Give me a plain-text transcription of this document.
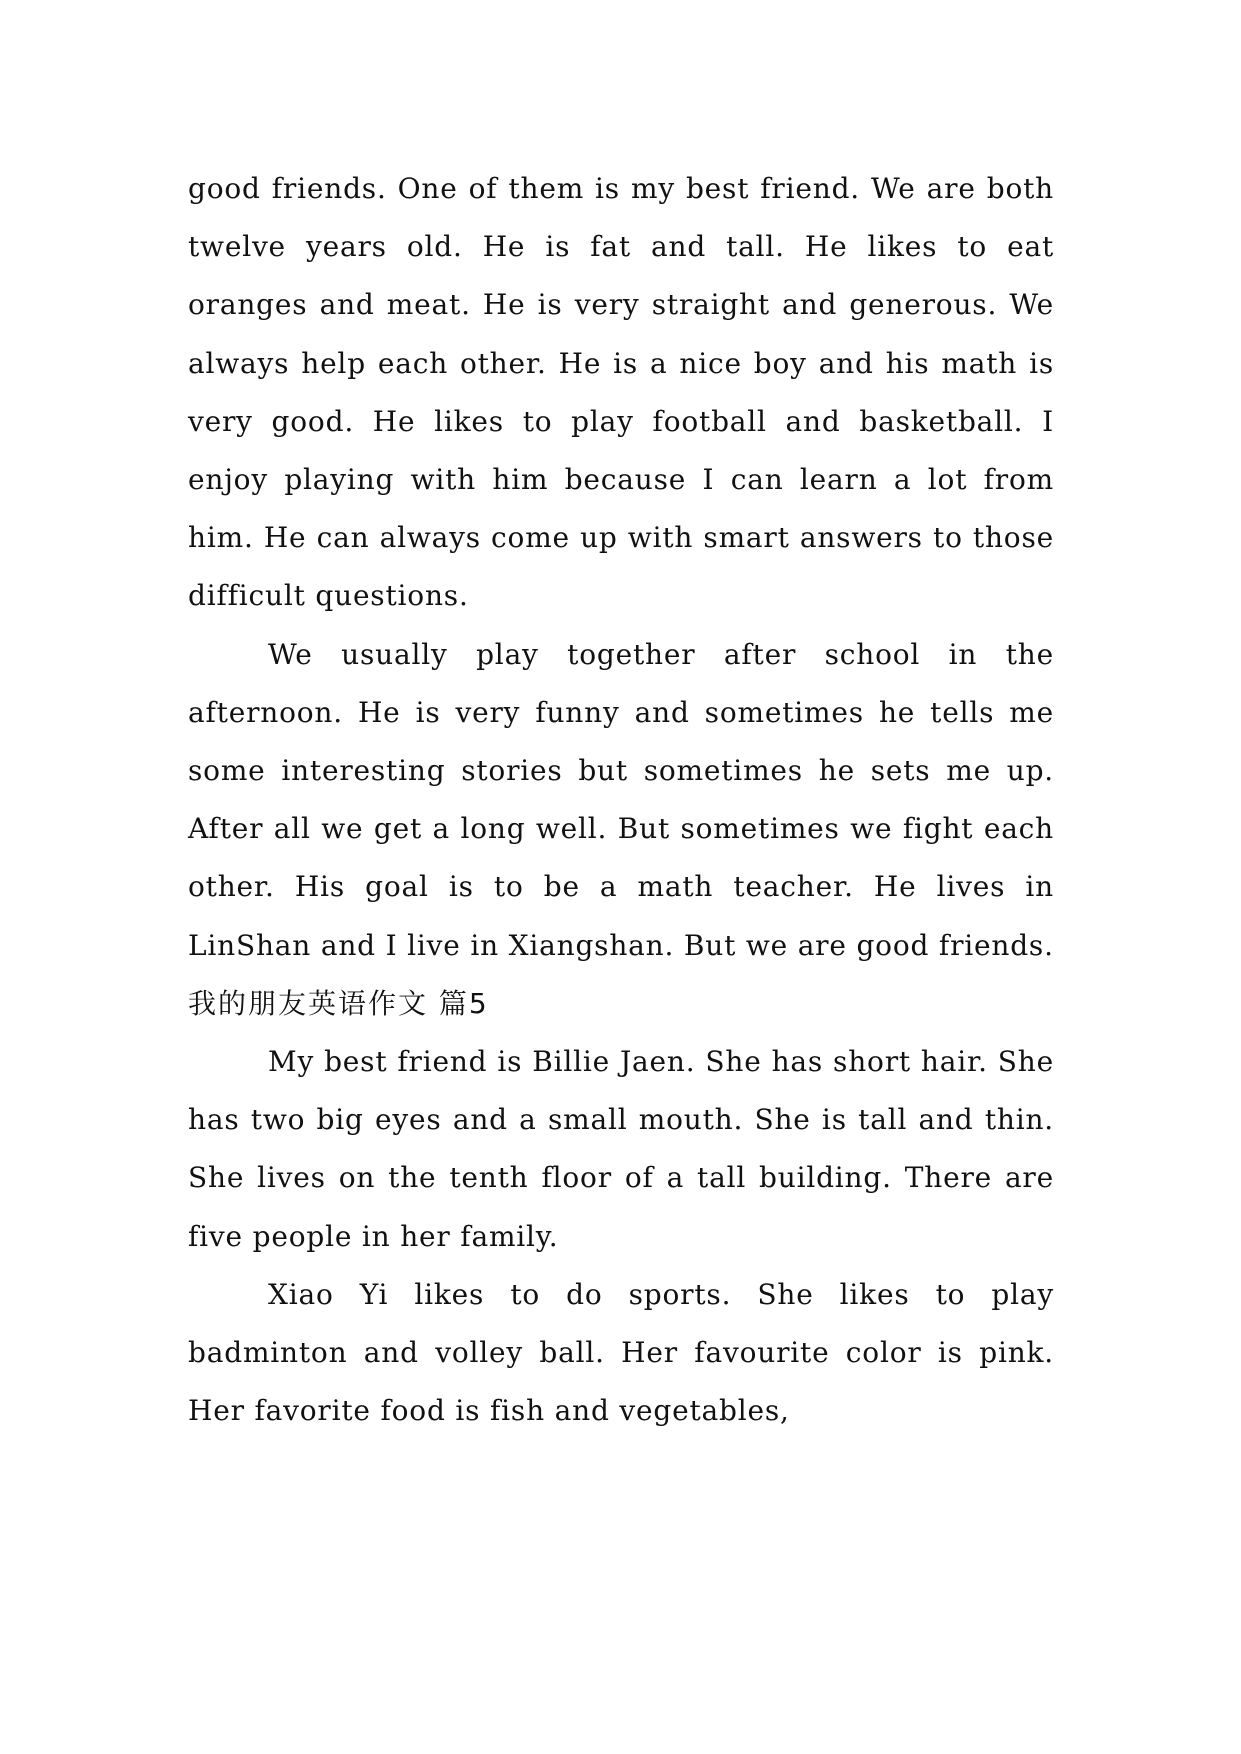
good friends. One of them is my best friend. We are both twelve years old. He is fat and tall. He likes to eat oranges and meat. He is very straight and generous. We always help each other. He is a nice boy and his math is very good. He likes to play football and basketball. I enjoy playing with him because I can learn a lot from him. He can always come up with smart answers to those difficult questions.

We usually play together after school in the afternoon. He is very funny and sometimes he tells me some interesting stories but sometimes he sets me up. After all we get a long well. But sometimes we fight each other. His goal is to be a math teacher. He lives in LinShan and I live in Xiangshan. But we are good friends.

我的朋友英语作文 篇5

My best friend is Billie Jaen. She has short hair. She has two big eyes and a small mouth. She is tall and thin. She lives on the tenth floor of a tall building. There are five people in her family.

Xiao Yi likes to do sports. She likes to play badminton and volley ball. Her favourite color is pink. Her favorite food is fish and vegetables,
